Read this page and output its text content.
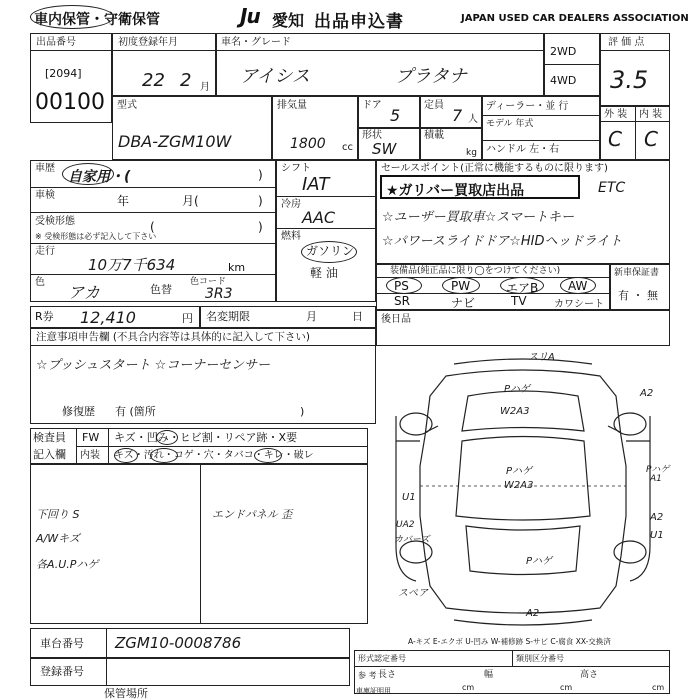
車内保管・守衛保管	Ju 愛知 出品申込書	JAPAN USED CAR DEALERS ASSOCIATION
出品番号
[2094]
00100
初度登録年月
22 2 月
車名・グレード
アイシス	プラタナ
2WD
4WD
評 価 点
3.5
外 装 内 装
C C
型式
DBA-ZGM10W
排気量
1800 cc
ドア
5
定員
7 人
形状
SW
積載
kg
ディーラー・並 行
モデル 年式
ハンドル 左・右
車歴
自家用・(	)
車検	年	月(	)
受検形態
※ 受検形態は必ず記入して下さい
(	)
走行
10万7千634	km
色
アカ	色替
色コード
3R3
シフト
IAT
冷房
AAC
燃料
ガソリン
軽 油
セールスポイント(正常に機能するものに限ります)
★ガリバー買取店出品	ETC
☆ユーザー買取車☆スマートキー
☆パワースライドドア☆HIDヘッドライト
装備品(純正品に限り◯をつけてください)
PS	PW	エアB AW
SR	ナビ	TV	カワシート
新車保証書
有 ・ 無
R券 12,410	円 名変期限	月	日 後日品
注意事項申告欄 (不具合内容等は具体的に記入して下さい)
☆プッシュスタート ☆コーナーセンサー
修復歴 有 (箇所	)
検査員
記入欄
FW キズ・凹み・ヒビ割・リペア跡・X要
内装 キズ・汚れ・コゲ・穴・タバコ・キレ・破レ
下回り S
A/Wキズ
各A.U.Pハゲ
エンドパネル 歪
スリA
Pハゲ
W2A3
Pハゲ
W2A3
Pハゲ
A2
Pハゲ
A1
A2
U1
U1
UA2
カバーズ
スペア
A2
A-キズ E-エクボ U-凹み W-補修跡 S-サビ C-腐食 XX-交換済
車台番号 ZGM10-0008786
登録番号
形式認定番号	類別区分番号
参 考 長さ	幅	高さ
cm	cm	cm
車庫証明用
保管場所
